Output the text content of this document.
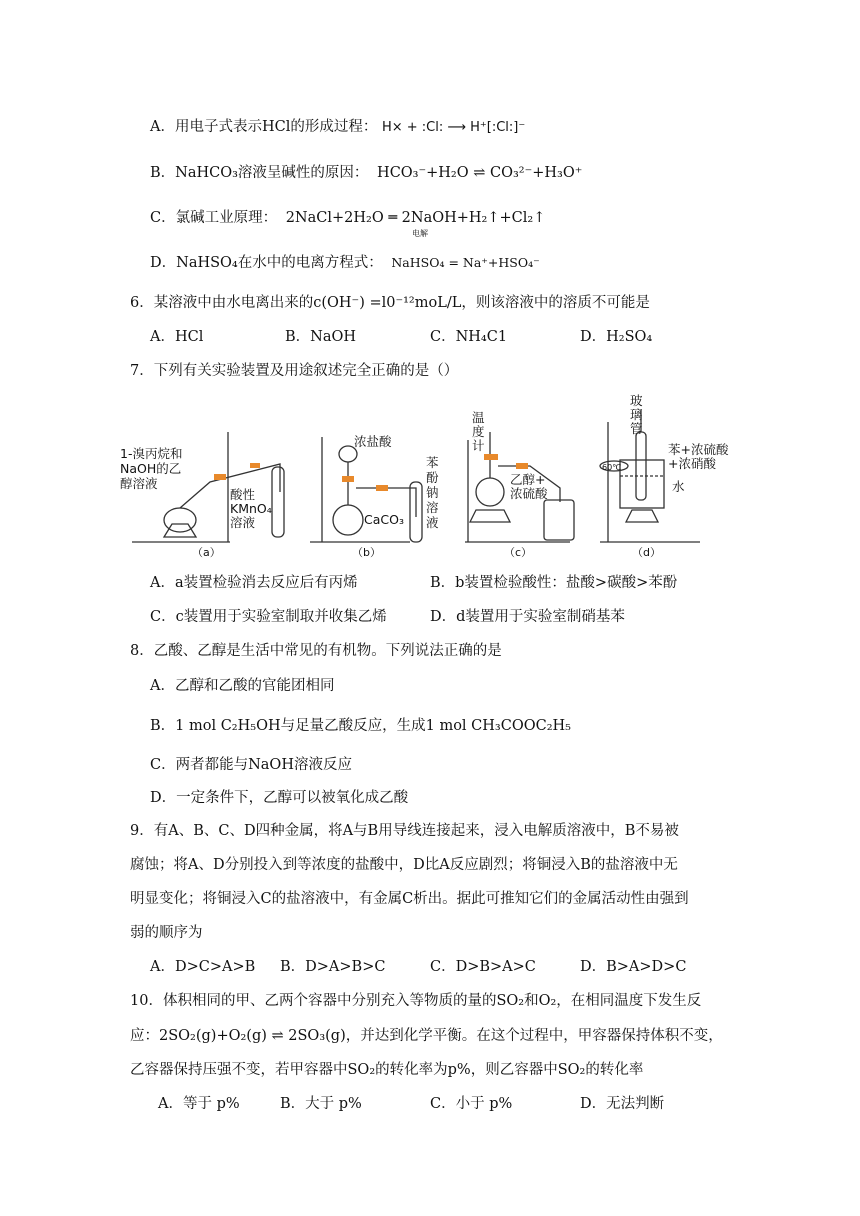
A．用电子式表示HCl的形成过程： H× + :Cl: ⟶ H⁺[:Cl:]⁻
B．NaHCO₃溶液呈碱性的原因： HCO₃⁻+H₂O ⇌ CO₃²⁻+H₃O⁺
C．氯碱工业原理： 2NaCl+2H₂O ═ 2NaOH+H₂↑+Cl₂↑
电解
D．NaHSO₄在水中的电离方程式： NaHSO₄ = Na⁺+HSO₄⁻
6．某溶液中由水电离出来的c(OH⁻) =l0⁻¹²moL/L，则该溶液中的溶质不可能是
A．HCl	B．NaOH	C．NH₄C1	D．H₂SO₄
7．下列有关实验装置及用途叙述完全正确的是（）
1-溴丙烷和
NaOH的乙
醇溶液
酸性
KMnO₄
溶液
（a）
浓盐酸
CaCO₃
苯
酚
钠
溶
液
（b）
温
度
计
乙醇+
浓硫酸
（c）
玻
璃
管
苯+浓硫酸
+浓硝酸
水
60℃
（d）
A．a装置检验消去反应后有丙烯	B．b装置检验酸性：盐酸>碳酸>苯酚
C．c装置用于实验室制取并收集乙烯	D．d装置用于实验室制硝基苯
8．乙酸、乙醇是生活中常见的有机物。下列说法正确的是
A．乙醇和乙酸的官能团相同
B．1 mol C₂H₅OH与足量乙酸反应，生成1 mol CH₃COOC₂H₅
C．两者都能与NaOH溶液反应
D．一定条件下，乙醇可以被氧化成乙酸
9．有A、B、C、D四种金属，将A与B用导线连接起来，浸入电解质溶液中，B不易被
腐蚀；将A、D分别投入到等浓度的盐酸中，D比A反应剧烈；将铜浸入B的盐溶液中无
明显变化；将铜浸入C的盐溶液中，有金属C析出。据此可推知它们的金属活动性由强到
弱的顺序为
A．D>C>A>B B．D>A>B>C	C．D>B>A>C	D．B>A>D>C
10．体积相同的甲、乙两个容器中分别充入等物质的量的SO₂和O₂，在相同温度下发生反
应：2SO₂(g)+O₂(g) ⇌ 2SO₃(g)，并达到化学平衡。在这个过程中，甲容器保持体积不变，
乙容器保持压强不变，若甲容器中SO₂的转化率为p%，则乙容器中SO₂的转化率
A．等于 p%	B．大于 p%	C．小于 p%	D．无法判断
